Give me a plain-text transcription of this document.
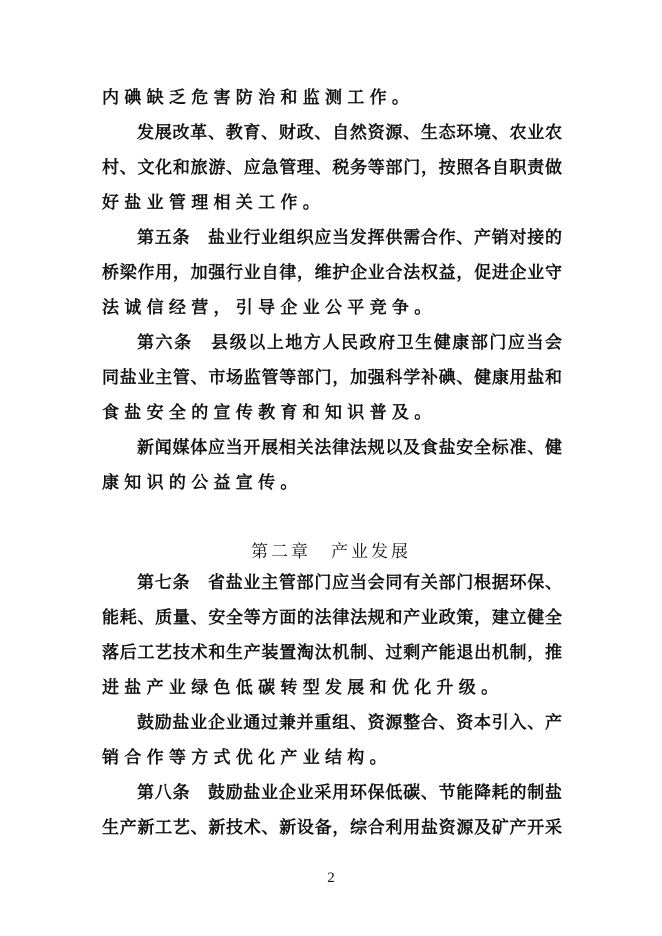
内碘缺乏危害防治和监测工作。
发展改革、教育、财政、自然资源、生态环境、农业农
村、文化和旅游、应急管理、税务等部门，按照各自职责做
好盐业管理相关工作。
第五条　盐业行业组织应当发挥供需合作、产销对接的
桥梁作用，加强行业自律，维护企业合法权益，促进企业守
法诚信经营，引导企业公平竞争。
第六条　县级以上地方人民政府卫生健康部门应当会
同盐业主管、市场监管等部门，加强科学补碘、健康用盐和
食盐安全的宣传教育和知识普及。
新闻媒体应当开展相关法律法规以及食盐安全标准、健
康知识的公益宣传。
第二章　产业发展
第七条　省盐业主管部门应当会同有关部门根据环保、
能耗、质量、安全等方面的法律法规和产业政策，建立健全
落后工艺技术和生产装置淘汰机制、过剩产能退出机制，推
进盐产业绿色低碳转型发展和优化升级。
鼓励盐业企业通过兼并重组、资源整合、资本引入、产
销合作等方式优化产业结构。
第八条　鼓励盐业企业采用环保低碳、节能降耗的制盐
生产新工艺、新技术、新设备，综合利用盐资源及矿产开采
2
